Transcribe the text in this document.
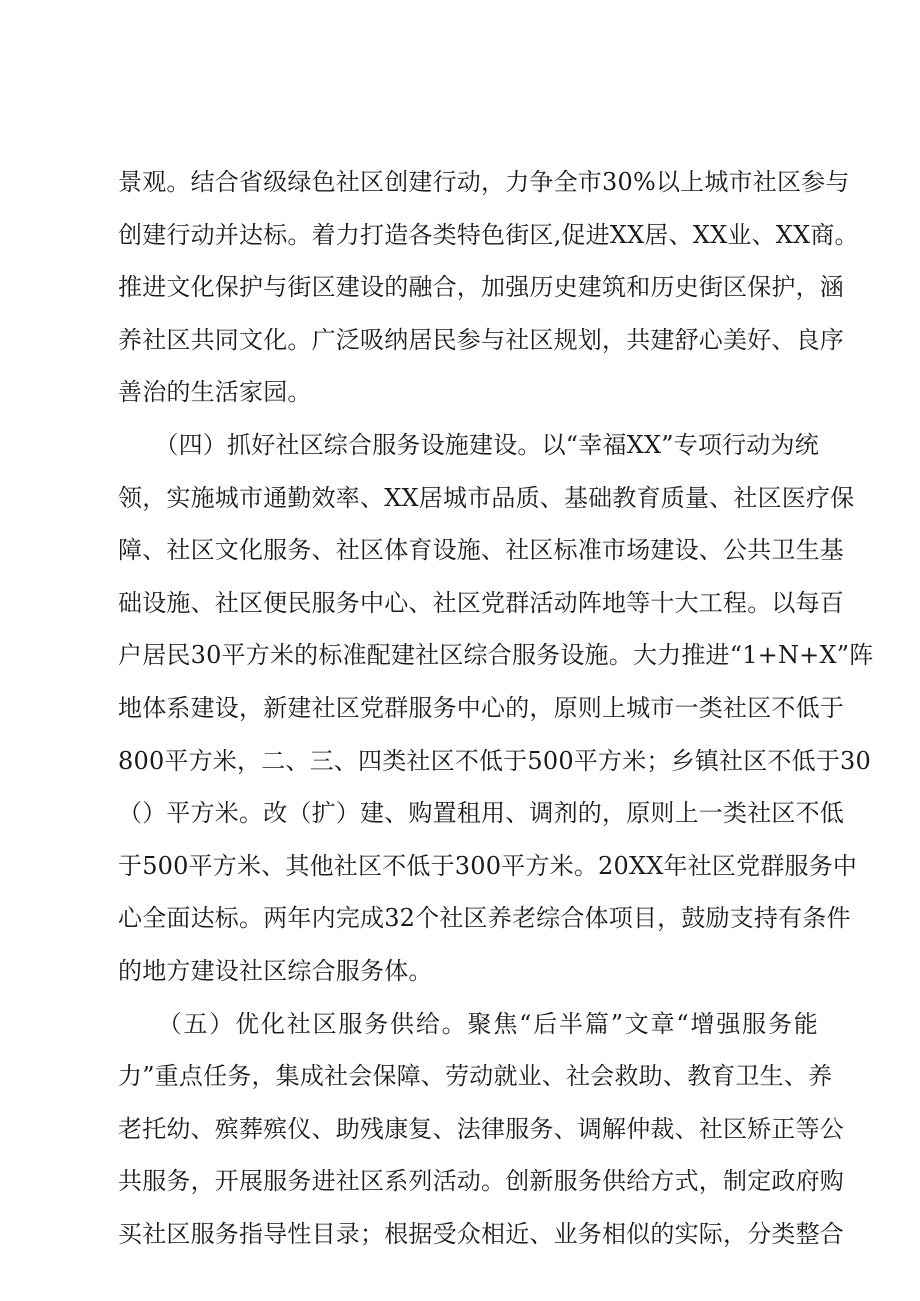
景观。结合省级绿色社区创建行动，力争全市30%以上城市社区参与
创建行动并达标。着力打造各类特色街区,促进XX居、XX业、XX商。
推进文化保护与街区建设的融合，加强历史建筑和历史街区保护，涵
养社区共同文化。广泛吸纳居民参与社区规划，共建舒心美好、良序
善治的生活家园。
　　（四）抓好社区综合服务设施建设。以“幸福XX”专项行动为统
领，实施城市通勤效率、XX居城市品质、基础教育质量、社区医疗保
障、社区文化服务、社区体育设施、社区标准市场建设、公共卫生基
础设施、社区便民服务中心、社区党群活动阵地等十大工程。以每百
户居民30平方米的标准配建社区综合服务设施。大力推进“1+N+X”阵
地体系建设，新建社区党群服务中心的，原则上城市一类社区不低于
800平方米，二、三、四类社区不低于500平方米；乡镇社区不低于30
（）平方米。改（扩）建、购置租用、调剂的，原则上一类社区不低
于500平方米、其他社区不低于300平方米。20XX年社区党群服务中
心全面达标。两年内完成32个社区养老综合体项目，鼓励支持有条件
的地方建设社区综合服务体。
　　（五）优化社区服务供给。聚焦“后半篇”文章“增强服务能
力”重点任务，集成社会保障、劳动就业、社会救助、教育卫生、养
老托幼、殡葬殡仪、助残康复、法律服务、调解仲裁、社区矫正等公
共服务，开展服务进社区系列活动。创新服务供给方式，制定政府购
买社区服务指导性目录；根据受众相近、业务相似的实际，分类整合
